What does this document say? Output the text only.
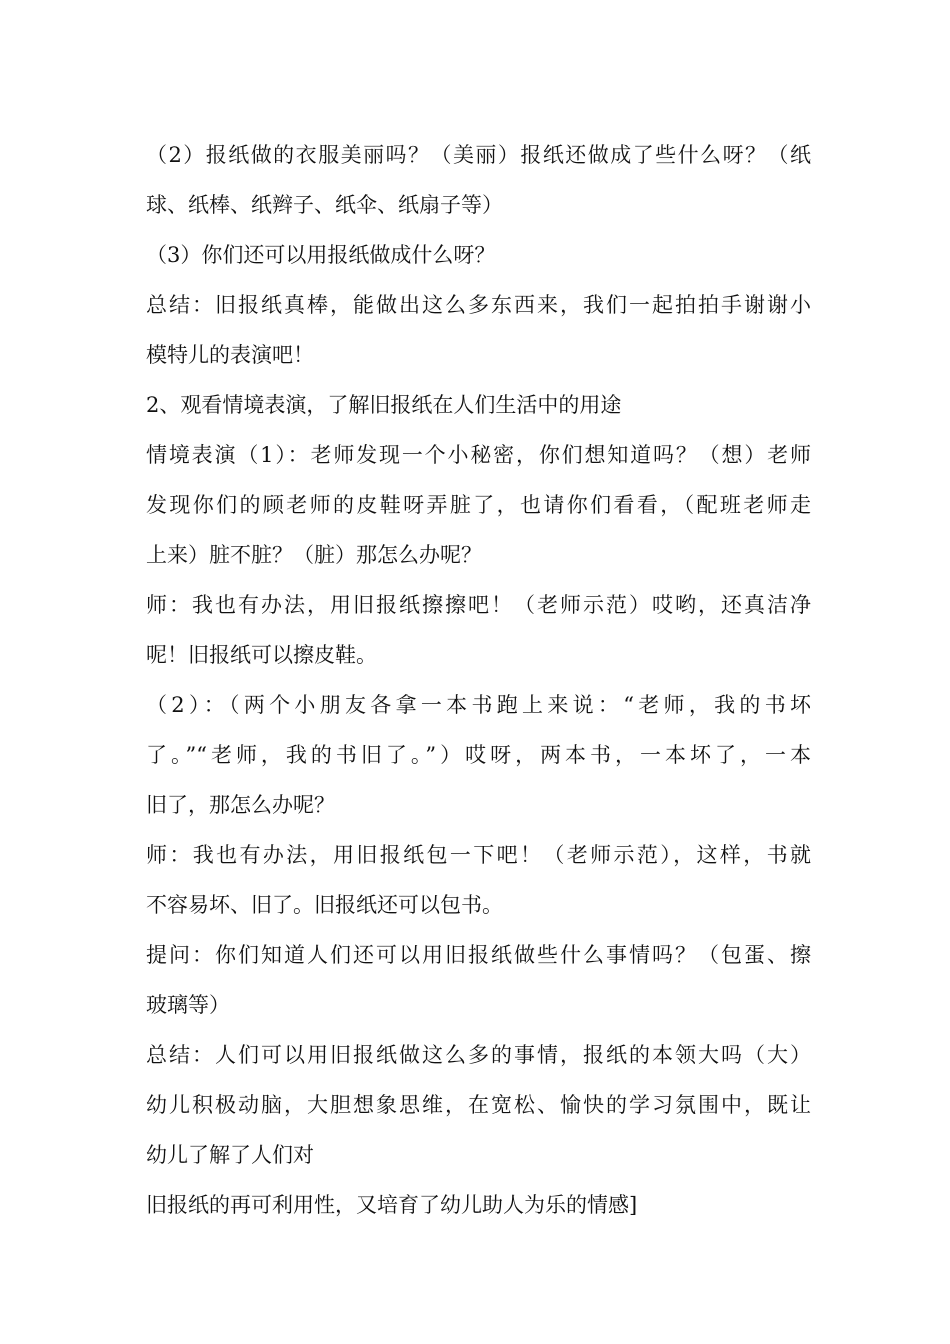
（2）报纸做的衣服美丽吗？（美丽）报纸还做成了些什么呀？（纸
球、纸棒、纸辫子、纸伞、纸扇子等）
（3）你们还可以用报纸做成什么呀？
总结：旧报纸真棒，能做出这么多东西来，我们一起拍拍手谢谢小
模特儿的表演吧！
2、观看情境表演，了解旧报纸在人们生活中的用途
情境表演（1）：老师发现一个小秘密，你们想知道吗？（想）老师
发现你们的顾老师的皮鞋呀弄脏了，也请你们看看，（配班老师走
上来）脏不脏？（脏）那怎么办呢？
师：我也有办法，用旧报纸擦擦吧！（老师示范）哎哟，还真洁净
呢！旧报纸可以擦皮鞋。
（2）：（两个小朋友各拿一本书跑上来说：“老师，我的书坏
了。”“老师，我的书旧了。”）哎呀，两本书，一本坏了，一本
旧了，那怎么办呢？
师：我也有办法，用旧报纸包一下吧！（老师示范），这样，书就
不容易坏、旧了。旧报纸还可以包书。
提问：你们知道人们还可以用旧报纸做些什么事情吗？（包蛋、擦
玻璃等）
总结：人们可以用旧报纸做这么多的事情，报纸的本领大吗（大）
幼儿积极动脑，大胆想象思维，在宽松、愉快的学习氛围中，既让
幼儿了解了人们对
旧报纸的再可利用性，又培育了幼儿助人为乐的情感]
